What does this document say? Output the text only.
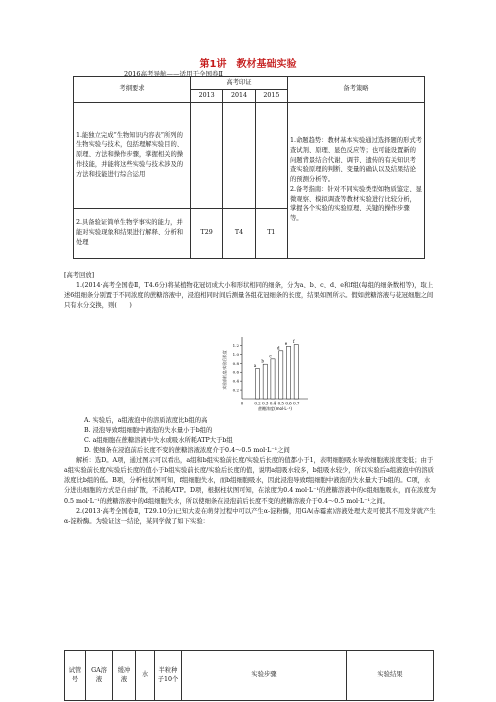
第1讲　教材基础实验
2016高考导航——适用于全国卷Ⅱ
考纲要求	高考印证			备考策略
	2013	2014	2015	
1.能独立完成“生物知识内容表”所列的生物实验与技术，包括理解实验目的、原理、方法和操作步骤，掌握相关的操作技能，并能将这些实验与技术涉及的方法和技能进行综合运用				1.命题趋势：教材基本实验通过选择题的形式考查试剂、原理、显色反应等；也可能设置新的问题背景结合代谢、调节、遗传的有关知识考查实验原理的判断、变量的确认以及结果结论的预测分析等。
2.备考指南：针对不同实验类型如物质鉴定、显微观察、模拟调查等教材实验进行比较分析，掌握各个实验的实验原理、关键的操作步骤等。
2.具备验证简单生物学事实的能力，并能对实验现象和结果进行解释、分析和处理	T29	T4	T1	

[高考回放]

1.(2014·高考全国卷Ⅱ，T4.6分)将某植物花冠切成大小和形状相同的细条，分为a、b、c、d、e和f组(每组的细条数相等)，取上述6组细条分别置于不同浓度的蔗糖溶液中，浸泡相同时间后测量各组花冠细条的长度，结果如图所示。假如蔗糖溶液与花冠细胞之间只有水分交换，则(　　)

0.2
0.4
0.6
0.8
1.0
1.2
0	0.2 0.3 0.4 0.5 0.6 0.7
a
b
c
d
e f
蔗糖浓度(mol·L⁻¹)
实验前长度/实验后长度

A. 实验后，a组液泡中的溶质浓度比b组的高

B. 浸泡导致f组细胞中液泡的失水量小于b组的

C. a组细胞在蔗糖溶液中失水或吸水所耗ATP大于b组

D. 使细条在浸泡前后长度不变的蔗糖溶液浓度介于0.4～0.5 mol·L⁻¹之间

解析：选D。A项，通过图示可以看出，a组和b组实验前长度/实验后长度的值都小于1，表明细胞吸水导致细胞液浓度变低；由于a组实验前长度/实验后长度的值小于b组实验前长度/实验后长度的值，说明a组吸水较多，b组吸水较少，所以实验后a组液泡中的溶质浓度比b组的低。B项，分析柱状图可知，f组细胞失水，而b组细胞吸水，因此浸泡导致f组细胞中液泡的失水量大于b组的。C项，水分进出细胞的方式是自由扩散，不消耗ATP。D项，根据柱状图可知，在浓度为0.4 mol·L⁻¹的蔗糖溶液中的c组细胞吸水，而在浓度为0.5 mol·L⁻¹的蔗糖溶液中的d组细胞失水，所以使细条在浸泡前后长度不变的蔗糖溶液介于0.4～0.5 mol·L⁻¹之间。

2.(2013·高考全国卷Ⅱ，T29.10分)已知大麦在萌芽过程中可以产生α-淀粉酶，用GA(赤霉素)溶液处理大麦可使其不用发芽就产生α-淀粉酶。为验证这一结论，某同学做了如下实验：

试管号	GA溶液	缓冲液	水	半粒种子10个	实验步骤	实验结果
